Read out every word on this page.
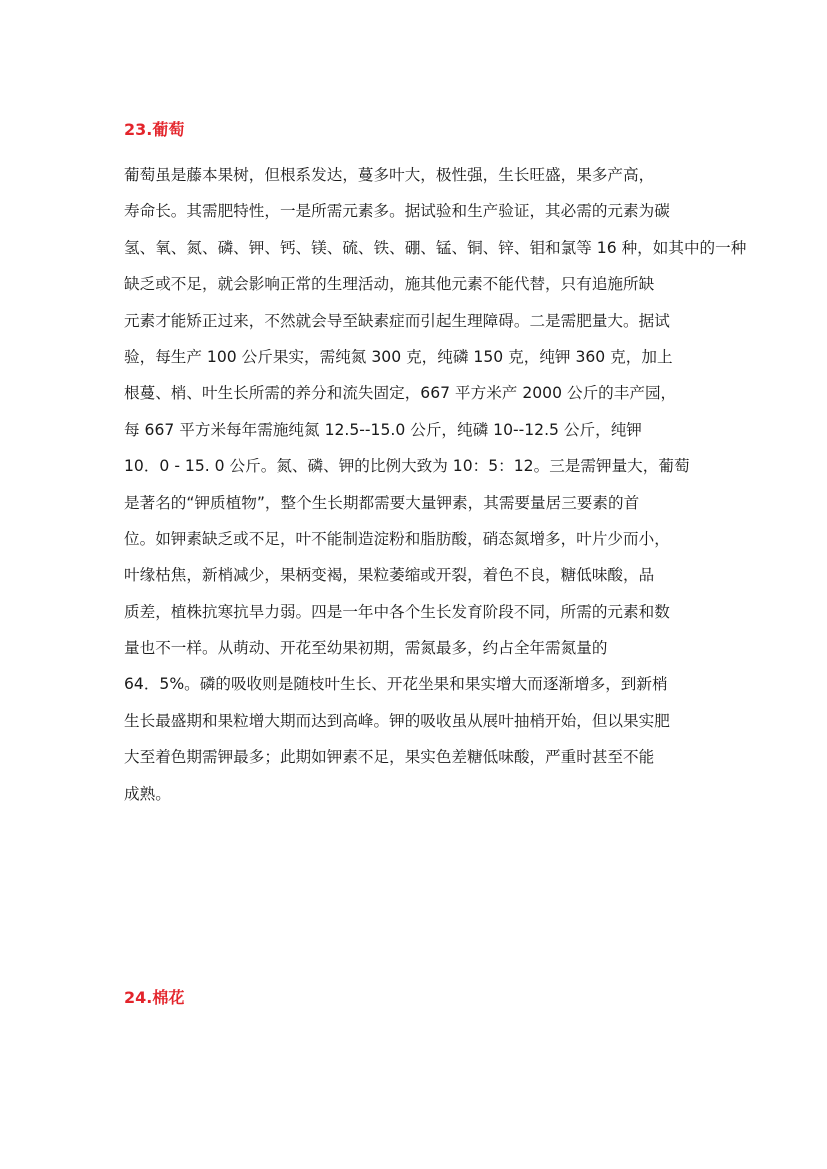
23.葡萄
葡萄虽是藤本果树，但根系发达，蔓多叶大，极性强，生长旺盛，果多产高，
寿命长。其需肥特性，一是所需元素多。据试验和生产验证，其必需的元素为碳
氢、氧、氮、磷、钾、钙、镁、硫、铁、硼、锰、铜、锌、钼和氯等 16 种，如其中的一种
缺乏或不足，就会影响正常的生理活动，施其他元素不能代替，只有追施所缺
元素才能矫正过来，不然就会导至缺素症而引起生理障碍。二是需肥量大。据试
验，每生产 100 公斤果实，需纯氮 300 克，纯磷 150 克，纯钾 360 克，加上
根蔓、梢、叶生长所需的养分和流失固定，667 平方米产 2000 公斤的丰产园，
每 667 平方米每年需施纯氮 12.5--15.0 公斤，纯磷 10--12.5 公斤，纯钾
10．0 - 15. 0 公斤。氮、磷、钾的比例大致为 10：5：12。三是需钾量大，葡萄
是著名的“钾质植物”，整个生长期都需要大量钾素，其需要量居三要素的首
位。如钾素缺乏或不足，叶不能制造淀粉和脂肪酸，硝态氮增多，叶片少而小，
叶缘枯焦，新梢减少，果柄变褐，果粒萎缩或开裂，着色不良，糖低味酸，品
质差，植株抗寒抗旱力弱。四是一年中各个生长发育阶段不同，所需的元素和数
量也不一样。从萌动、开花至幼果初期，需氮最多，约占全年需氮量的
64．5%。磷的吸收则是随枝叶生长、开花坐果和果实增大而逐渐增多，到新梢
生长最盛期和果粒增大期而达到高峰。钾的吸收虽从展叶抽梢开始，但以果实肥
大至着色期需钾最多；此期如钾素不足，果实色差糖低味酸，严重时甚至不能
成熟。
24.棉花
